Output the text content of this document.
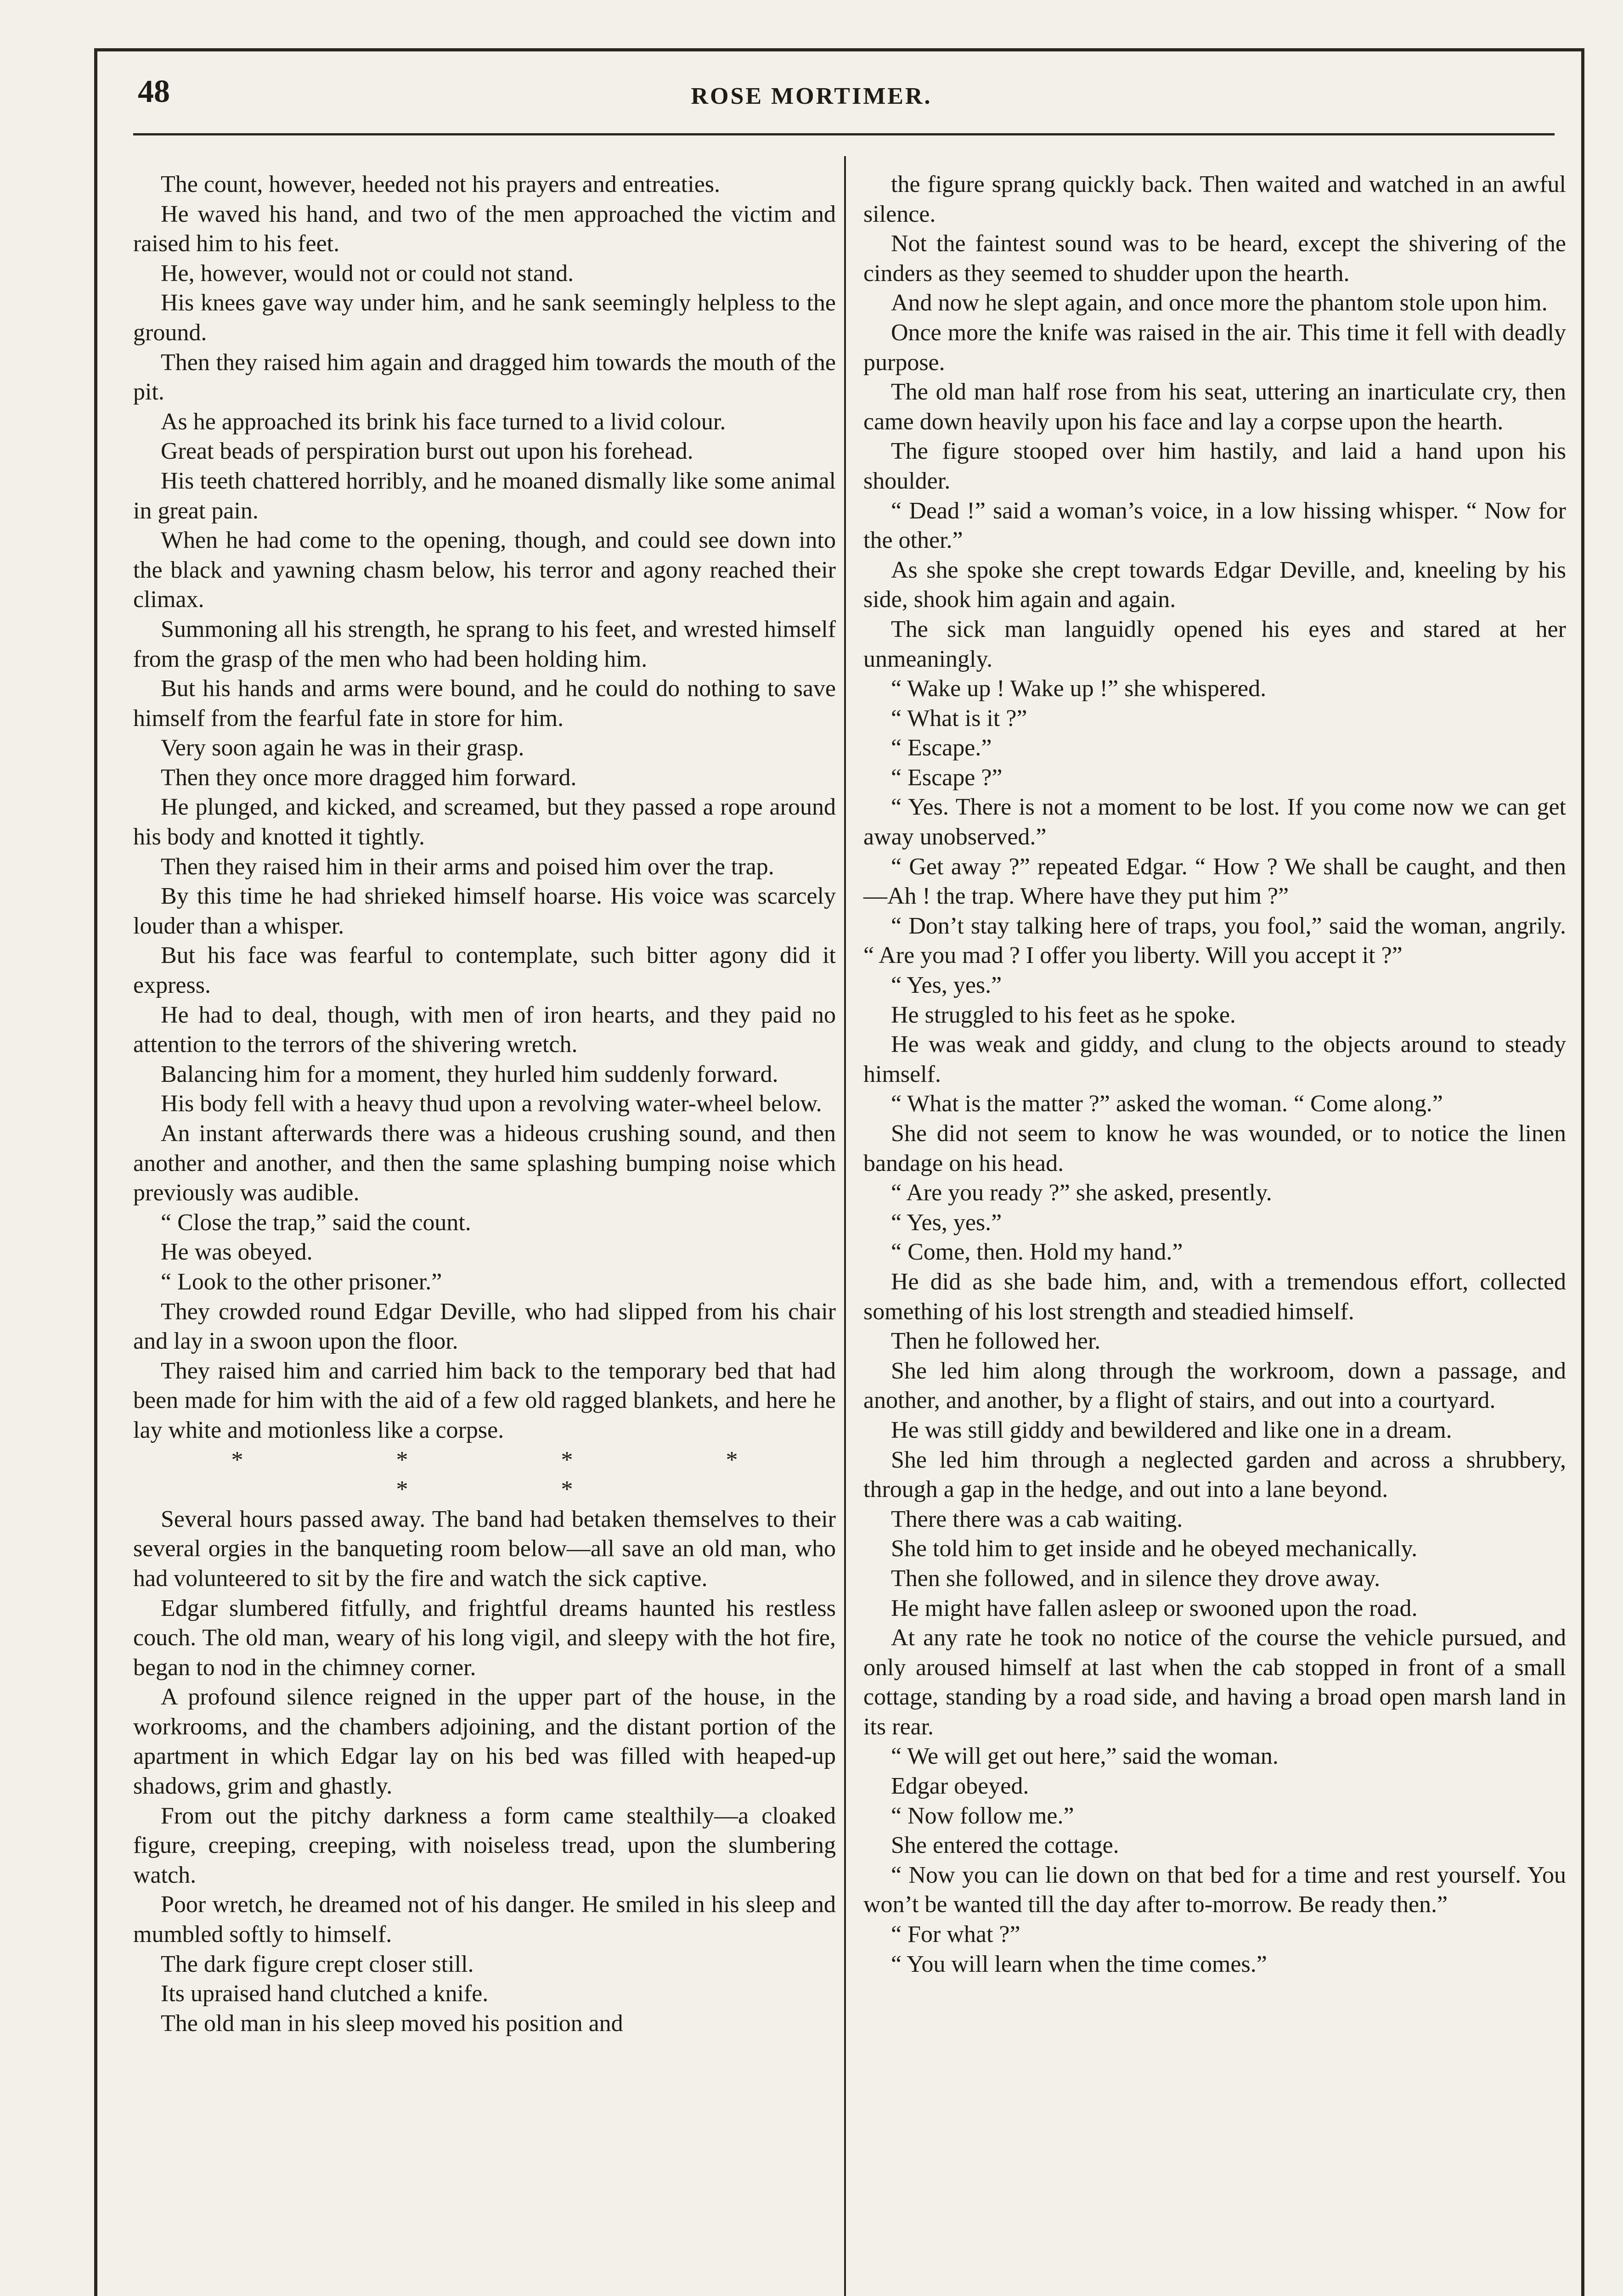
48	ROSE MORTIMER.

The count, however, heeded not his prayers and entreaties.

He waved his hand, and two of the men approached the victim and raised him to his feet.

He, however, would not or could not stand.

His knees gave way under him, and he sank seemingly helpless to the ground.

Then they raised him again and dragged him towards the mouth of the pit.

As he approached its brink his face turned to a livid colour.

Great beads of perspiration burst out upon his forehead.

His teeth chattered horribly, and he moaned dismally like some animal in great pain.

When he had come to the opening, though, and could see down into the black and yawning chasm below, his terror and agony reached their climax.

Summoning all his strength, he sprang to his feet, and wrested himself from the grasp of the men who had been holding him.

But his hands and arms were bound, and he could do nothing to save himself from the fearful fate in store for him.

Very soon again he was in their grasp.

Then they once more dragged him forward.

He plunged, and kicked, and screamed, but they passed a rope around his body and knotted it tightly.

Then they raised him in their arms and poised him over the trap.

By this time he had shrieked himself hoarse. His voice was scarcely louder than a whisper.

But his face was fearful to contemplate, such bitter agony did it express.

He had to deal, though, with men of iron hearts, and they paid no attention to the terrors of the shivering wretch.

Balancing him for a moment, they hurled him suddenly forward.

His body fell with a heavy thud upon a revolving water-wheel below.

An instant afterwards there was a hideous crushing sound, and then another and another, and then the same splashing bumping noise which previously was audible.

“ Close the trap,” said the count.

He was obeyed.

“ Look to the other prisoner.”

They crowded round Edgar Deville, who had slipped from his chair and lay in a swoon upon the floor.

They raised him and carried him back to the temporary bed that had been made for him with the aid of a few old ragged blankets, and here he lay white and motionless like a corpse.

* * * * * *

Several hours passed away. The band had betaken themselves to their several orgies in the banqueting room below—all save an old man, who had volunteered to sit by the fire and watch the sick captive.

Edgar slumbered fitfully, and frightful dreams haunted his restless couch. The old man, weary of his long vigil, and sleepy with the hot fire, began to nod in the chimney corner.

A profound silence reigned in the upper part of the house, in the workrooms, and the chambers adjoining, and the distant portion of the apartment in which Edgar lay on his bed was filled with heaped-up shadows, grim and ghastly.

From out the pitchy darkness a form came stealthily—a cloaked figure, creeping, creeping, with noiseless tread, upon the slumbering watch.

Poor wretch, he dreamed not of his danger. He smiled in his sleep and mumbled softly to himself.

The dark figure crept closer still.

Its upraised hand clutched a knife.

The old man in his sleep moved his position and

the figure sprang quickly back. Then waited and watched in an awful silence.

Not the faintest sound was to be heard, except the shivering of the cinders as they seemed to shudder upon the hearth.

And now he slept again, and once more the phantom stole upon him.

Once more the knife was raised in the air. This time it fell with deadly purpose.

The old man half rose from his seat, uttering an inarticulate cry, then came down heavily upon his face and lay a corpse upon the hearth.

The figure stooped over him hastily, and laid a hand upon his shoulder.

“ Dead !” said a woman’s voice, in a low hissing whisper. “ Now for the other.”

As she spoke she crept towards Edgar Deville, and, kneeling by his side, shook him again and again.

The sick man languidly opened his eyes and stared at her unmeaningly.

“ Wake up ! Wake up !” she whispered.

“ What is it ?”

“ Escape.”

“ Escape ?”

“ Yes. There is not a moment to be lost. If you come now we can get away unobserved.”

“ Get away ?” repeated Edgar. “ How ? We shall be caught, and then—Ah ! the trap. Where have they put him ?”

“ Don’t stay talking here of traps, you fool,” said the woman, angrily. “ Are you mad ? I offer you liberty. Will you accept it ?”

“ Yes, yes.”

He struggled to his feet as he spoke.

He was weak and giddy, and clung to the objects around to steady himself.

“ What is the matter ?” asked the woman. “ Come along.”

She did not seem to know he was wounded, or to notice the linen bandage on his head.

“ Are you ready ?” she asked, presently.

“ Yes, yes.”

“ Come, then. Hold my hand.”

He did as she bade him, and, with a tremendous effort, collected something of his lost strength and steadied himself.

Then he followed her.

She led him along through the workroom, down a passage, and another, and another, by a flight of stairs, and out into a courtyard.

He was still giddy and bewildered and like one in a dream.

She led him through a neglected garden and across a shrubbery, through a gap in the hedge, and out into a lane beyond.

There there was a cab waiting.

She told him to get inside and he obeyed mechanically.

Then she followed, and in silence they drove away.

He might have fallen asleep or swooned upon the road.

At any rate he took no notice of the course the vehicle pursued, and only aroused himself at last when the cab stopped in front of a small cottage, standing by a road side, and having a broad open marsh land in its rear.

“ We will get out here,” said the woman.

Edgar obeyed.

“ Now follow me.”

She entered the cottage.

“ Now you can lie down on that bed for a time and rest yourself. You won’t be wanted till the day after to-morrow. Be ready then.”

“ For what ?”

“ You will learn when the time comes.”
